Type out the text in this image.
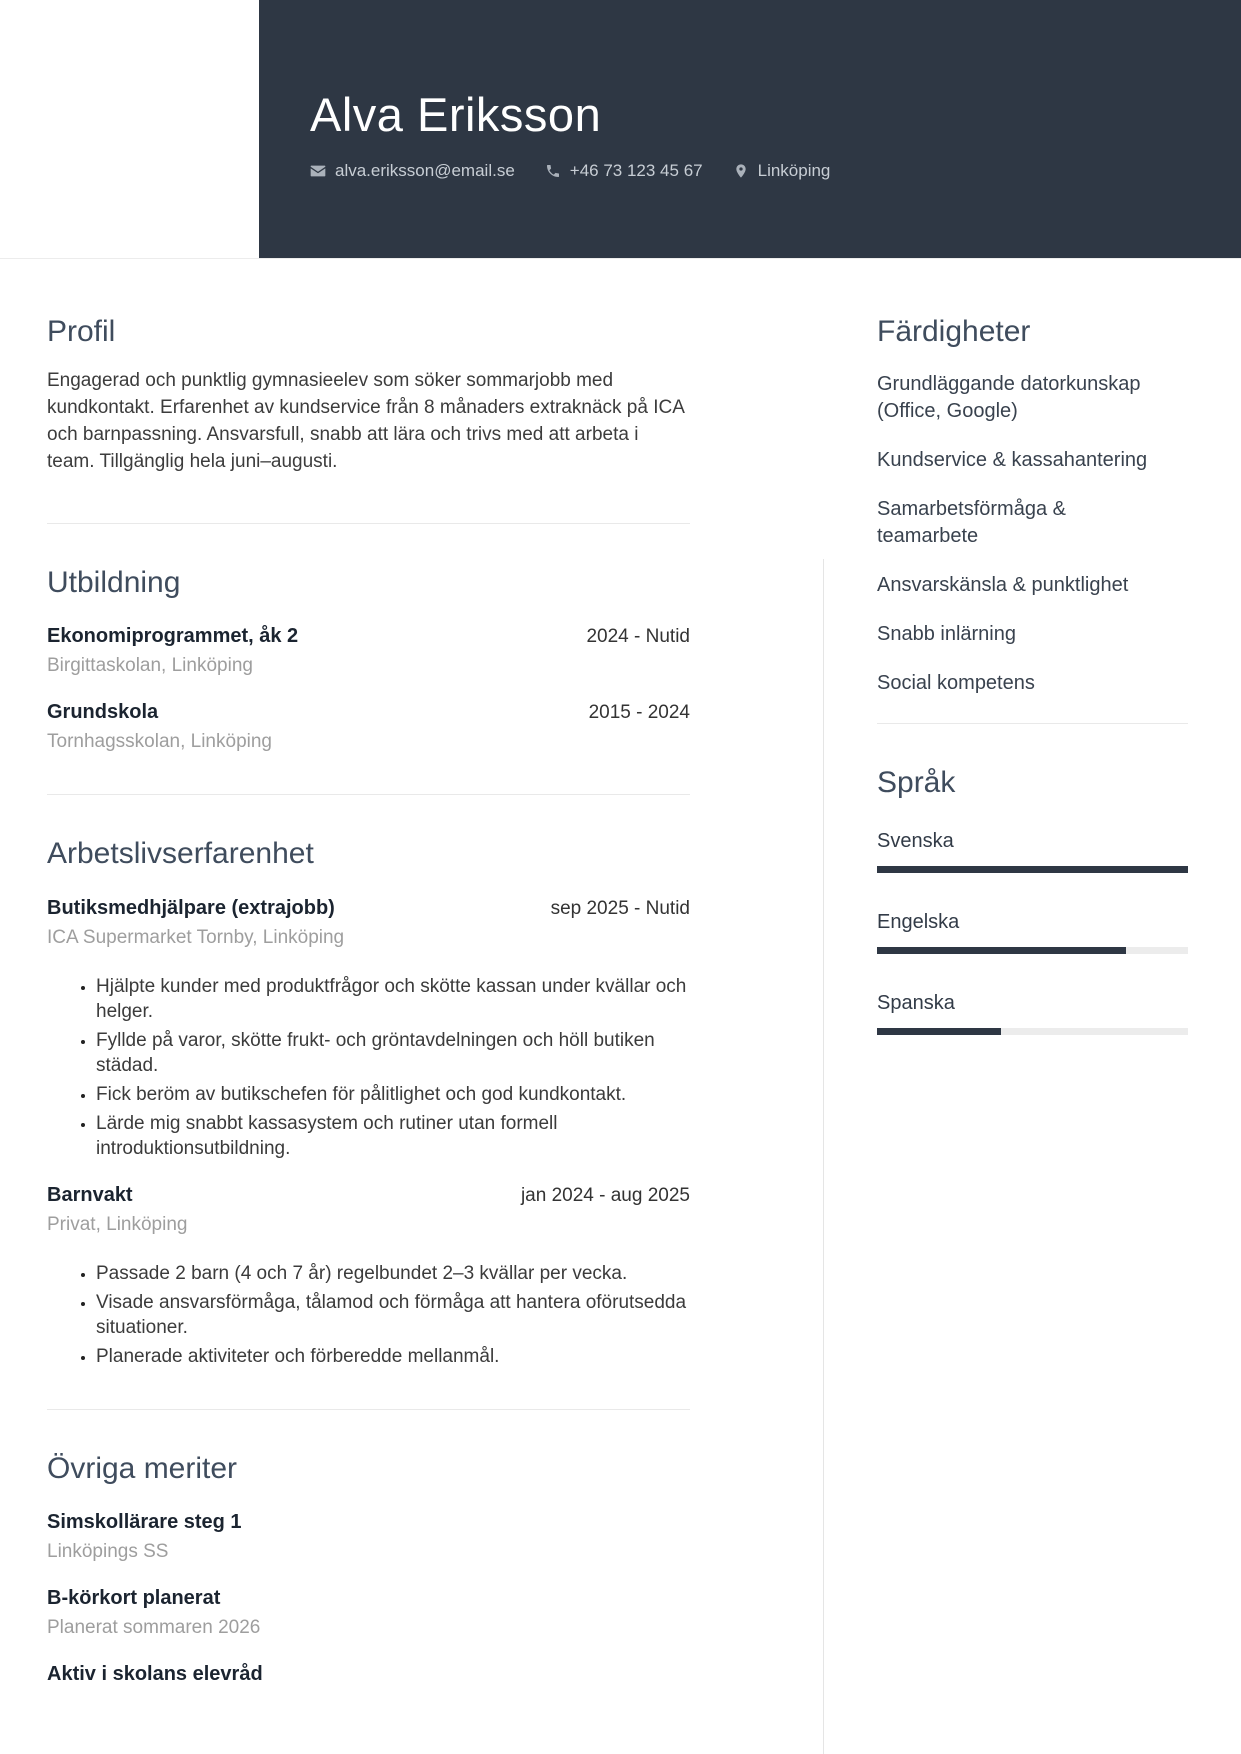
Alva Eriksson
alva.eriksson@email.se	+46 73 123 45 67	Linköping
Profil

Engagerad och punktlig gymnasieelev som söker sommarjobb med kundkontakt. Erfarenhet av kundservice från 8 månaders extraknäck på ICA och barnpassning. Ansvarsfull, snabb att lära och trivs med att arbeta i team. Tillgänglig hela juni–augusti.

Utbildning
Ekonomiprogrammet, åk 2	2024 - Nutid
Birgittaskolan, Linköping
Grundskola	2015 - 2024
Tornhagsskolan, Linköping
Arbetslivserfarenhet
Butiksmedhjälpare (extrajobb)	sep 2025 - Nutid
ICA Supermarket Tornby, Linköping
• Hjälpte kunder med produktfrågor och skötte kassan under kvällar och helger.
• Fyllde på varor, skötte frukt- och gröntavdelningen och höll butiken städad.
• Fick beröm av butikschefen för pålitlighet och god kundkontakt.
• Lärde mig snabbt kassasystem och rutiner utan formell introduktionsutbildning.
Barnvakt	jan 2024 - aug 2025
Privat, Linköping
• Passade 2 barn (4 och 7 år) regelbundet 2–3 kvällar per vecka.
• Visade ansvarsförmåga, tålamod och förmåga att hantera oförutsedda situationer.
• Planerade aktiviteter och förberedde mellanmål.
Övriga meriter
Simskollärare steg 1
Linköpings SS
B-körkort planerat
Planerat sommaren 2026
Aktiv i skolans elevråd
Färdigheter
Grundläggande datorkunskap (Office, Google)
Kundservice & kassahantering
Samarbetsförmåga & teamarbete
Ansvarskänsla & punktlighet
Snabb inlärning
Social kompetens
Språk
Svenska
Engelska
Spanska
